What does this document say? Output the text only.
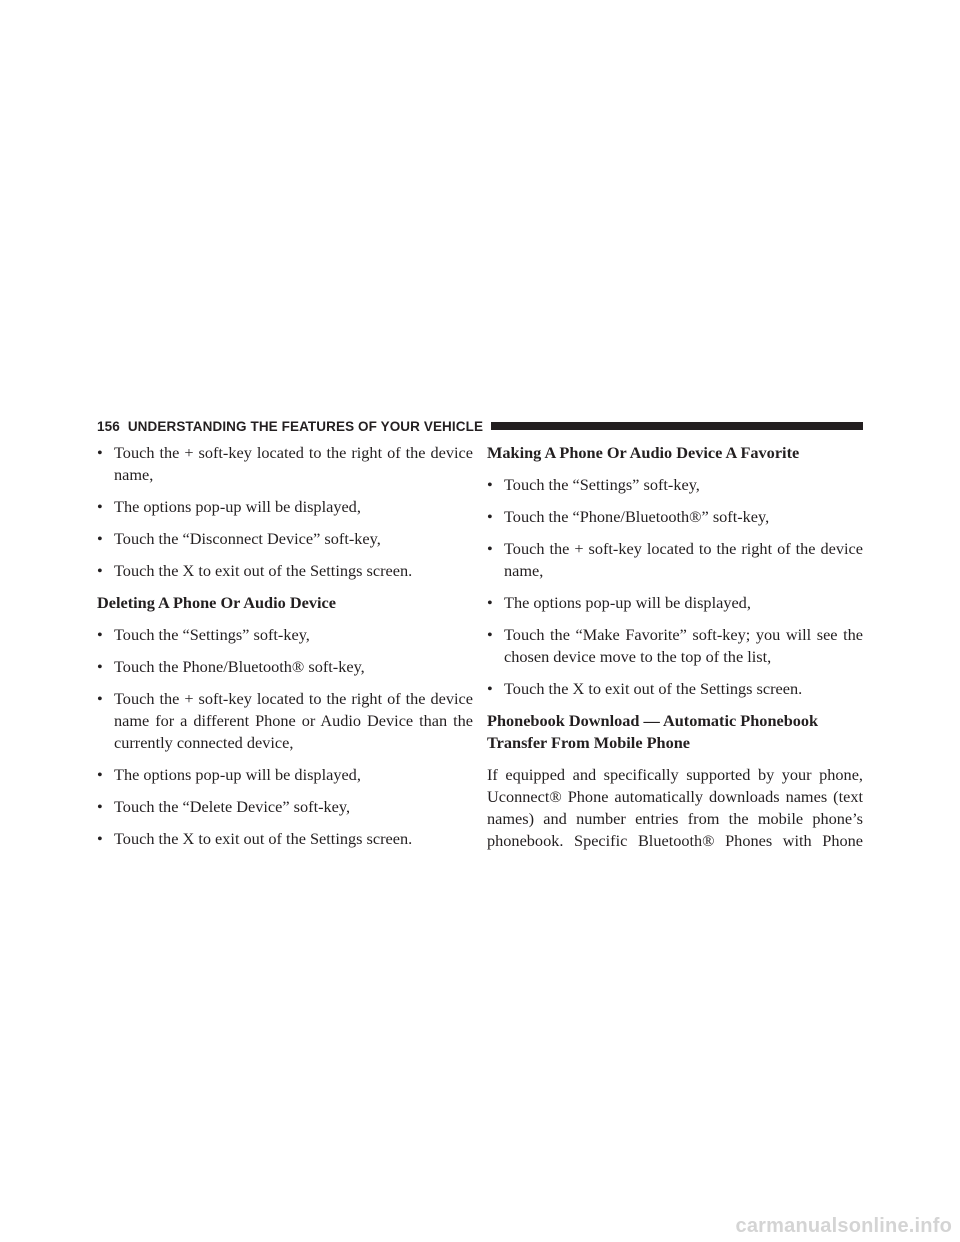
156 UNDERSTANDING THE FEATURES OF YOUR VEHICLE
• Touch the + soft-key located to the right of the device name,
• The options pop-up will be displayed,
• Touch the “Disconnect Device” soft-key,
• Touch the X to exit out of the Settings screen.
Deleting A Phone Or Audio Device
• Touch the “Settings” soft-key,
• Touch the Phone/Bluetooth® soft-key,
• Touch the + soft-key located to the right of the device name for a different Phone or Audio Device than the currently connected device,
• The options pop-up will be displayed,
• Touch the “Delete Device” soft-key,
• Touch the X to exit out of the Settings screen.
Making A Phone Or Audio Device A Favorite
• Touch the “Settings” soft-key,
• Touch the “Phone/Bluetooth®” soft-key,
• Touch the + soft-key located to the right of the device name,
• The options pop-up will be displayed,
• Touch the “Make Favorite” soft-key; you will see the chosen device move to the top of the list,
• Touch the X to exit out of the Settings screen.
Phonebook Download — Automatic Phonebook Transfer From Mobile Phone

If equipped and specifically supported by your phone, Uconnect® Phone automatically downloads names (text names) and number entries from the mobile phone’s phonebook. Specific Bluetooth® Phones with Phone

carmanualsonline.info
